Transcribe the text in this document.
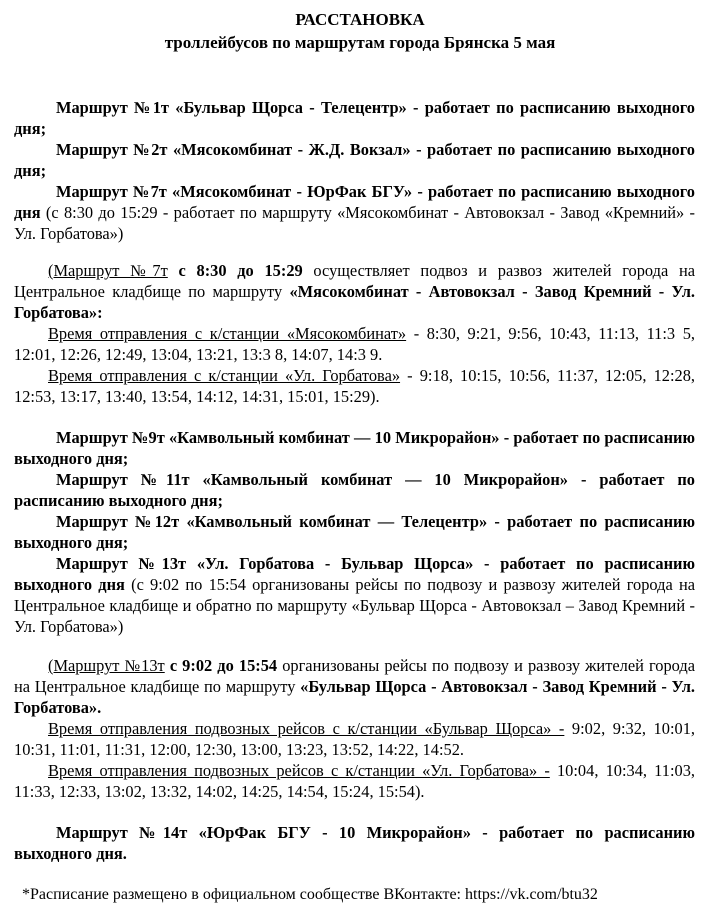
РАССТАНОВКА
троллейбусов по маршрутам города Брянска 5 мая

Маршрут №1т «Бульвар Щорса - Телецентр» - работает по расписанию выходного дня;

Маршрут №2т «Мясокомбинат - Ж.Д. Вокзал» - работает по расписанию выходного дня;

Маршрут №7т «Мясокомбинат - ЮрФак БГУ» - работает по расписанию выходного дня (с 8:30 до 15:29 - работает по маршруту «Мясокомбинат - Автовокзал - Завод «Кремний» - Ул. Горбатова»)

(Маршрут №7т с 8:30 до 15:29 осуществляет подвоз и развоз жителей города на Центральное кладбище по маршруту «Мясокомбинат - Автовокзал - Завод Кремний - Ул. Горбатова»:

Время отправления с к/станции «Мясокомбинат» - 8:30, 9:21, 9:56, 10:43, 11:13, 11:3 5, 12:01, 12:26, 12:49, 13:04, 13:21, 13:3 8, 14:07, 14:3 9.

Время отправления с к/станции «Ул. Горбатова» - 9:18, 10:15, 10:56, 11:37, 12:05, 12:28, 12:53, 13:17, 13:40, 13:54, 14:12, 14:31, 15:01, 15:29).

Маршрут №9т «Камвольный комбинат — 10 Микрорайон» - работает по расписанию выходного дня;

Маршрут №11т «Камвольный комбинат — 10 Микрорайон» - работает по расписанию выходного дня;

Маршрут №12т «Камвольный комбинат — Телецентр» - работает по расписанию выходного дня;

Маршрут №13т «Ул. Горбатова - Бульвар Щорса» - работает по расписанию выходного дня (с 9:02 по 15:54 организованы рейсы по подвозу и развозу жителей города на Центральное кладбище и обратно по маршруту «Бульвар Щорса - Автовокзал – Завод Кремний - Ул. Горбатова»)

(Маршрут №13т с 9:02 до 15:54 организованы рейсы по подвозу и развозу жителей города на Центральное кладбище по маршруту «Бульвар Щорса - Автовокзал - Завод Кремний - Ул. Горбатова».

Время отправления подвозных рейсов с к/станции «Бульвар Щорса» - 9:02, 9:32, 10:01, 10:31, 11:01, 11:31, 12:00, 12:30, 13:00, 13:23, 13:52, 14:22, 14:52.

Время отправления подвозных рейсов с к/станции «Ул. Горбатова» - 10:04, 10:34, 11:03, 11:33, 12:33, 13:02, 13:32, 14:02, 14:25, 14:54, 15:24, 15:54).

Маршрут №14т «ЮрФак БГУ - 10 Микрорайон» - работает по расписанию выходного дня.

*Расписание размещено в официальном сообществе ВКонтакте: https://vk.com/btu32
